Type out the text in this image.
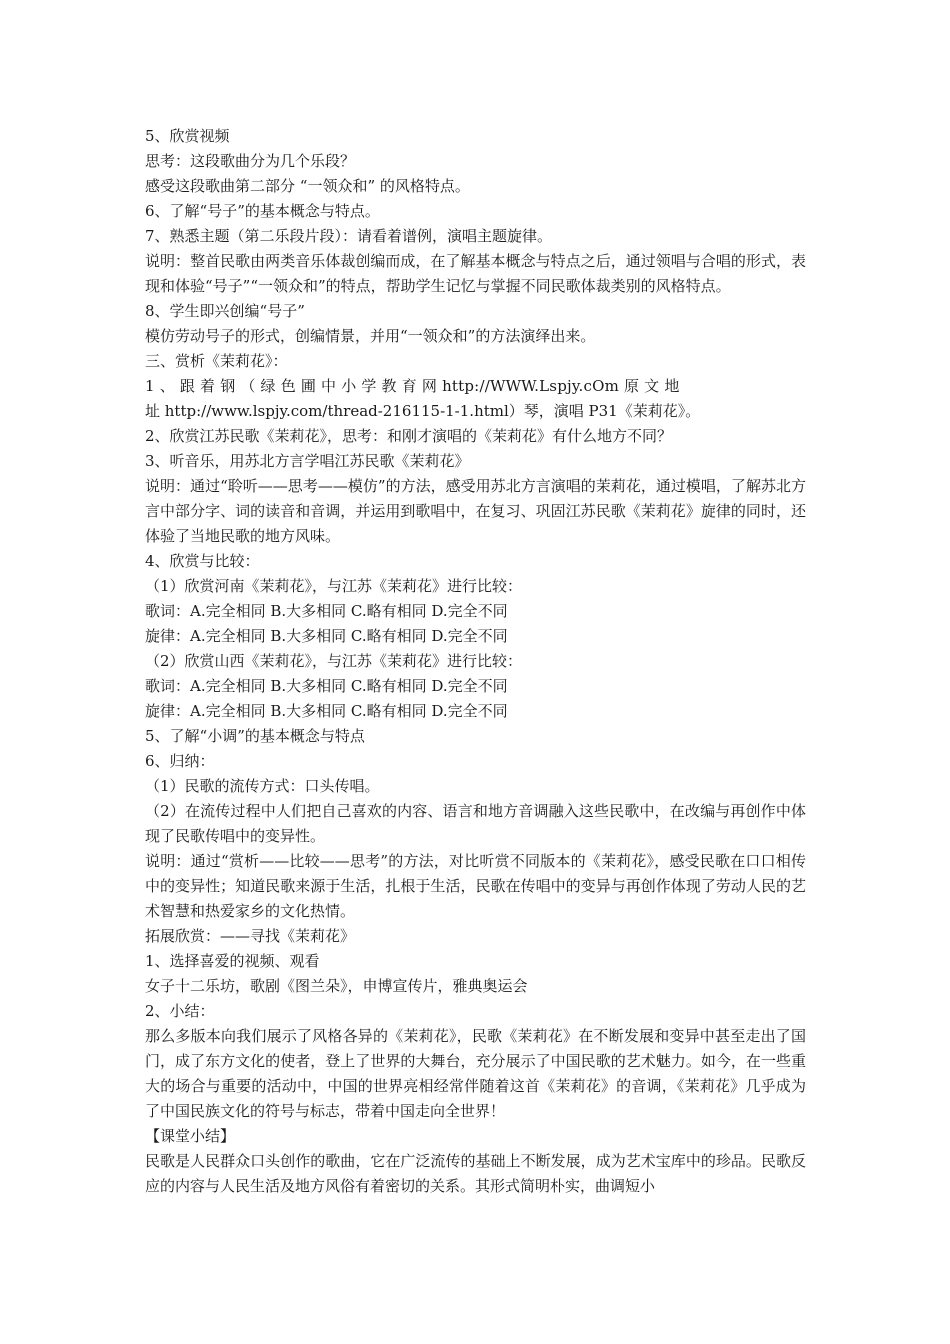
5、欣赏视频

思考：这段歌曲分为几个乐段？

感受这段歌曲第二部分 “一领众和” 的风格特点。

6、了解“号子”的基本概念与特点。

7、熟悉主题（第二乐段片段）：请看着谱例，演唱主题旋律。

说明：整首民歌由两类音乐体裁创编而成，在了解基本概念与特点之后，通过领唱与合唱的形式，表现和体验“号子”“一领众和”的特点，帮助学生记忆与掌握不同民歌体裁类别的风格特点。

8、学生即兴创编“号子”

模仿劳动号子的形式，创编情景，并用“一领众和”的方法演绎出来。

三、赏析《茉莉花》：

1 、 跟 着 钢 （ 绿 色 圃 中 小 学 教 育 网 http://WWW.Lspjy.cOm 原 文 地

址 http://www.lspjy.com/thread-216115-1-1.html）琴，演唱 P31《茉莉花》。

2、欣赏江苏民歌《茉莉花》，思考：和刚才演唱的《茉莉花》有什么地方不同？

3、听音乐，用苏北方言学唱江苏民歌《茉莉花》

说明：通过“聆听——思考——模仿”的方法，感受用苏北方言演唱的茉莉花，通过模唱，了解苏北方言中部分字、词的读音和音调，并运用到歌唱中，在复习、巩固江苏民歌《茉莉花》旋律的同时，还体验了当地民歌的地方风味。

4、欣赏与比较：

（1）欣赏河南《茉莉花》，与江苏《茉莉花》进行比较：

歌词：A.完全相同 B.大多相同 C.略有相同 D.完全不同

旋律：A.完全相同 B.大多相同 C.略有相同 D.完全不同

（2）欣赏山西《茉莉花》，与江苏《茉莉花》进行比较：

歌词：A.完全相同 B.大多相同 C.略有相同 D.完全不同

旋律：A.完全相同 B.大多相同 C.略有相同 D.完全不同

5、了解“小调”的基本概念与特点

6、归纳：

（1）民歌的流传方式：口头传唱。

（2）在流传过程中人们把自己喜欢的内容、语言和地方音调融入这些民歌中，在改编与再创作中体现了民歌传唱中的变异性。

说明：通过“赏析——比较——思考”的方法，对比听赏不同版本的《茉莉花》，感受民歌在口口相传中的变异性；知道民歌来源于生活，扎根于生活，民歌在传唱中的变异与再创作体现了劳动人民的艺术智慧和热爱家乡的文化热情。

拓展欣赏：——寻找《茉莉花》

1、选择喜爱的视频、观看

女子十二乐坊，歌剧《图兰朵》，申博宣传片，雅典奥运会

2、小结：

那么多版本向我们展示了风格各异的《茉莉花》，民歌《茉莉花》在不断发展和变异中甚至走出了国门，成了东方文化的使者，登上了世界的大舞台，充分展示了中国民歌的艺术魅力。如今，在一些重大的场合与重要的活动中，中国的世界亮相经常伴随着这首《茉莉花》的音调，《茉莉花》几乎成为了中国民族文化的符号与标志，带着中国走向全世界！

【课堂小结】

民歌是人民群众口头创作的歌曲，它在广泛流传的基础上不断发展，成为艺术宝库中的珍品。民歌反应的内容与人民生活及地方风俗有着密切的关系。其形式简明朴实，曲调短小
